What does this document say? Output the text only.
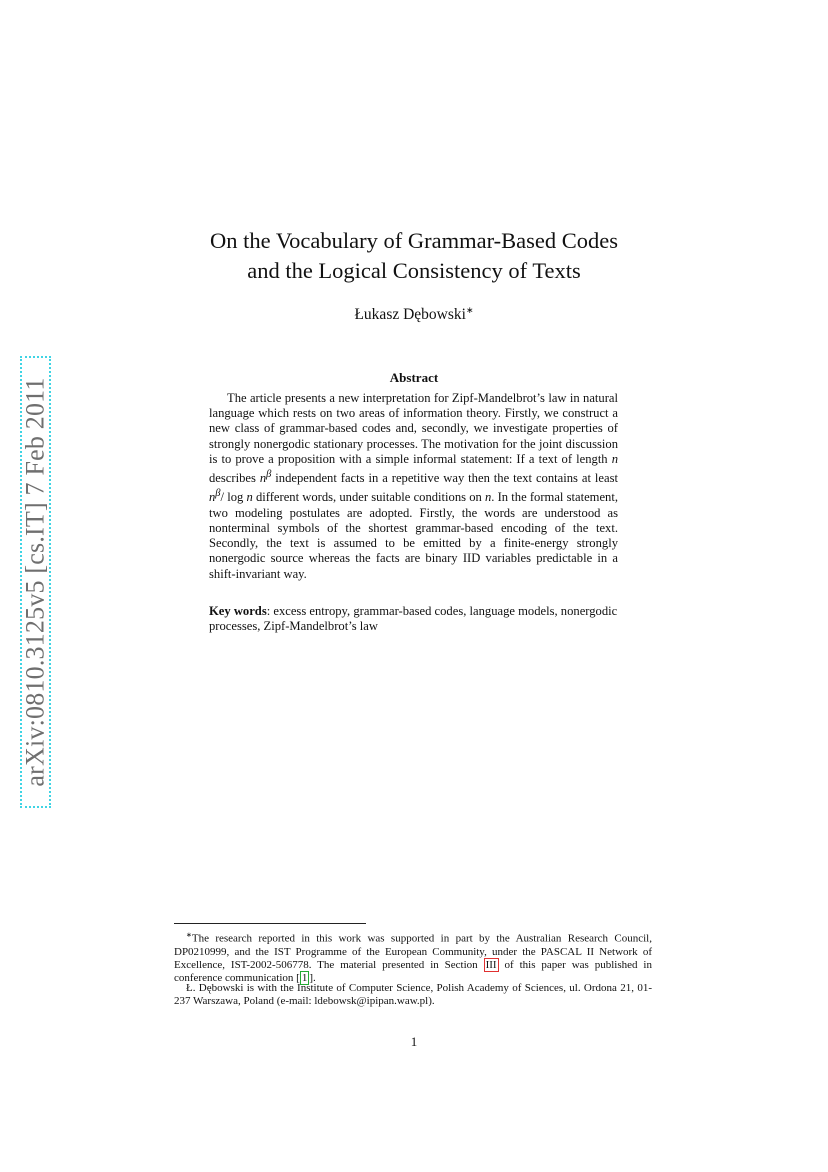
arXiv:0810.3125v5 [cs.IT] 7 Feb 2011
On the Vocabulary of Grammar-Based Codes
and the Logical Consistency of Texts
Łukasz Dębowski∗
Abstract

The article presents a new interpretation for Zipf-Mandelbrot’s law in natural language which rests on two areas of information theory. Firstly, we construct a new class of grammar-based codes and, secondly, we investigate properties of strongly nonergodic stationary processes. The motivation for the joint discussion is to prove a proposition with a simple informal statement: If a text of length n describes $n^\beta$ independent facts in a repetitive way then the text contains at least $n^\beta/$ log n different words, under suitable conditions on n. In the formal statement, two modeling postulates are adopted. Firstly, the words are understood as nonterminal symbols of the shortest grammar-based encoding of the text. Secondly, the text is assumed to be emitted by a finite-energy strongly nonergodic source whereas the facts are binary IID variables predictable in a shift-invariant way.

Key words: excess entropy, grammar-based codes, language models, nonergodic processes, Zipf-Mandelbrot’s law

∗The research reported in this work was supported in part by the Australian Research Council, DP0210999, and the IST Programme of the European Community, under the PASCAL II Network of Excellence, IST-2002-506778. The material presented in Section III of this paper was published in conference communication [ 1 ].

Ł. Dębowski is with the Institute of Computer Science, Polish Academy of Sciences, ul. Ordona 21, 01-237 Warszawa, Poland (e-mail: ldebowsk@ipipan.waw.pl).

1
